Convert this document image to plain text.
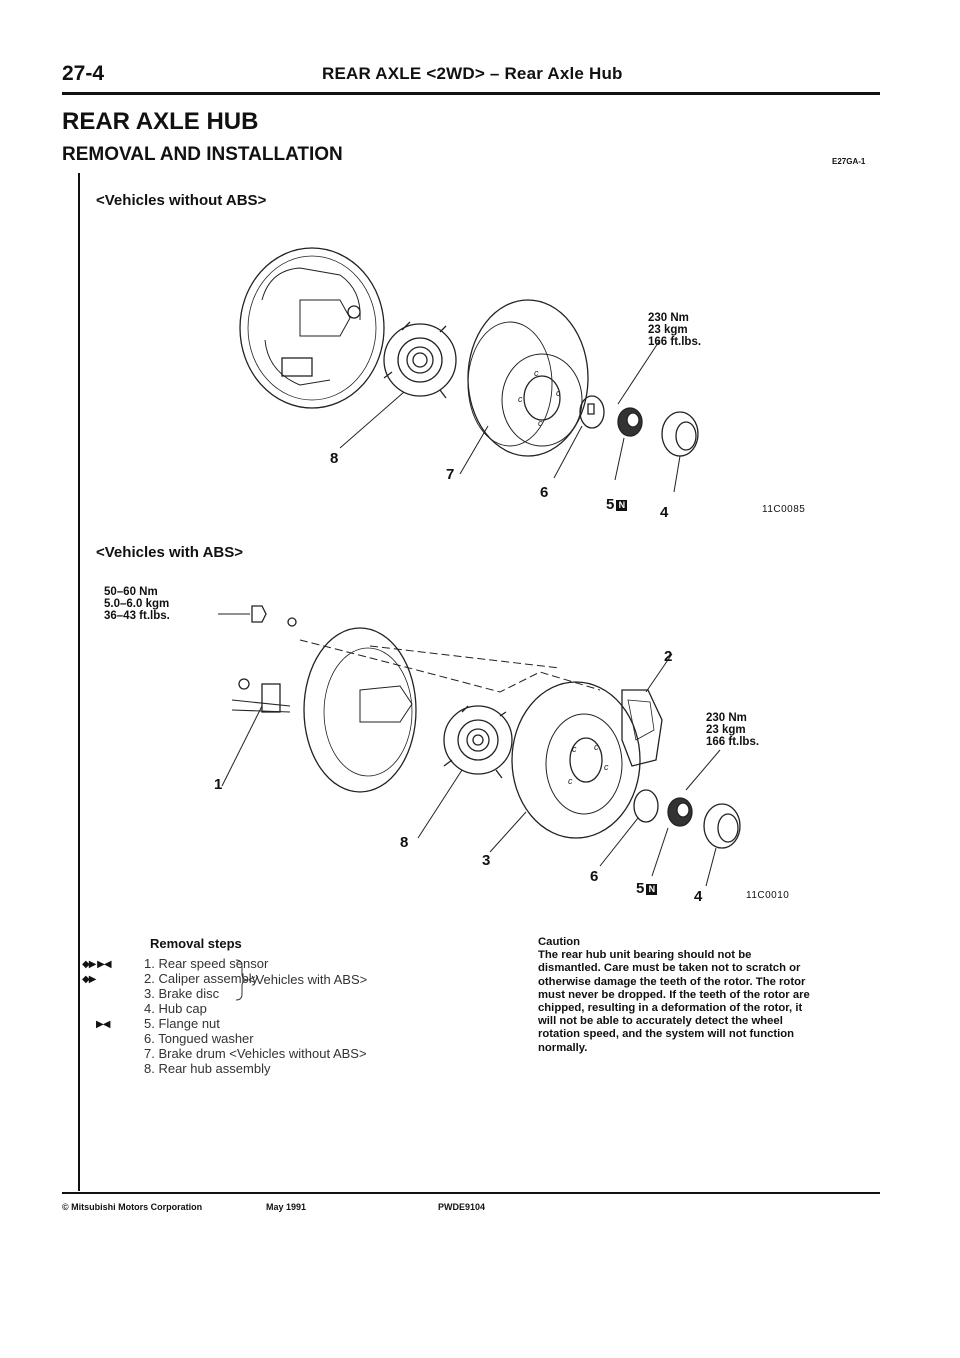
27-4	REAR AXLE <2WD> – Rear Axle Hub
REAR AXLE HUB
REMOVAL AND INSTALLATION	E27GA-1
<Vehicles without ABS>
c
c
c
c
230 Nm
23 kgm
166 ft.lbs.
8
7
6
5 N 4	11C0085
<Vehicles with ABS>
c c
c
c
50–60 Nm
5.0–6.0 kgm
36–43 ft.lbs.
230 Nm
23 kgm
166 ft.lbs.
1
2
8
3
6
5 N	4	11C0010
Removal steps
◆▶ ▶◀
◆▶
▶◀
1. Rear speed sensor
2. Caliper assembly
3. Brake disc
4. Hub cap
5. Flange nut
6. Tongued washer
7. Brake drum <Vehicles without ABS>
8. Rear hub assembly
<Vehicles with ABS>
Caution
The rear hub unit bearing should not be dismantled. Care must be taken not to scratch or otherwise damage the teeth of the rotor. The rotor must never be dropped. If the teeth of the rotor are chipped, resulting in a deformation of the rotor, it will not be able to accurately detect the wheel rotation speed, and the system will not function normally.
© Mitsubishi Motors Corporation	May 1991	PWDE9104
